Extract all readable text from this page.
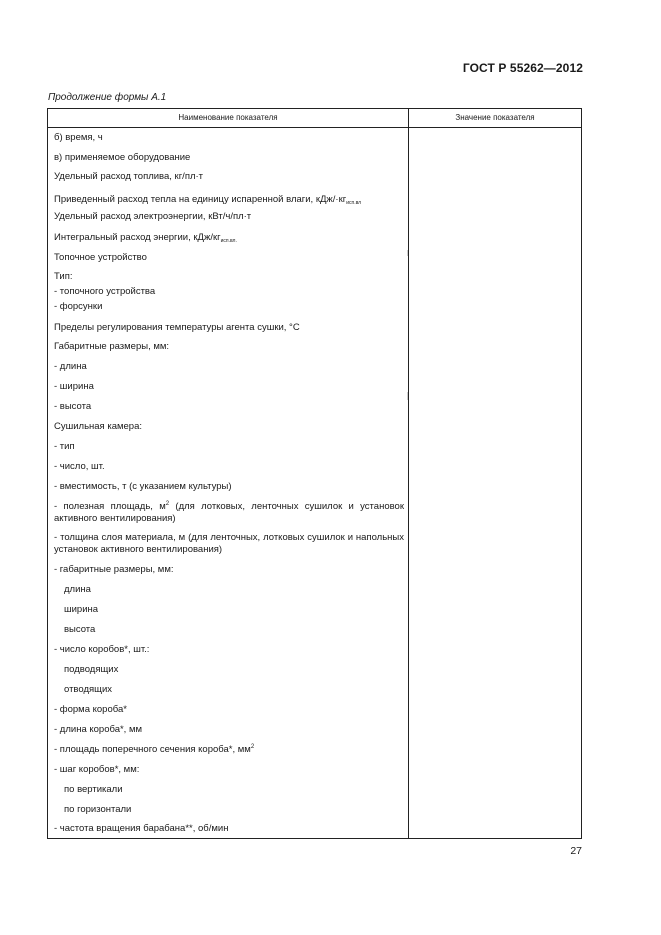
ГОСТ Р 55262—2012
Продолжение формы А.1
Наименование показателя	Значение показателя
б) время, ч
в) применяемое оборудование
Удельный расход топлива, кг/пл·т
Приведенный расход тепла на единицу испаренной влаги, кДж/$\cdot кг_{исп.вл}$
Удельный расход электроэнергии, кВт/ч/пл·т
Интегральный расход энергии, кДж/$кг_{исп.вл.}$
Топочное устройство
Тип:
- топочного устройства
- форсунки
Пределы регулирования температуры агента сушки, °С
Габаритные размеры, мм:
- длина
- ширина
- высота
Сушильная камера:
- тип
- число, шт.
- вместимость, т (с указанием культуры)
- полезная площадь, $м^2$ (для лотковых, ленточных сушилок и установок активного вентилирования)
- толщина слоя материала, м (для ленточных, лотковых сушилок и напольных установок активного вентилирования)
- габаритные размеры, мм:
длина
ширина
высота
- число коробов*, шт.:
подводящих
отводящих
- форма короба*
- длина короба*, мм
- площадь поперечного сечения короба*, $мм^2$
- шаг коробов*, мм:
по вертикали
по горизонтали
- частота вращения барабана**, об/мин
27
